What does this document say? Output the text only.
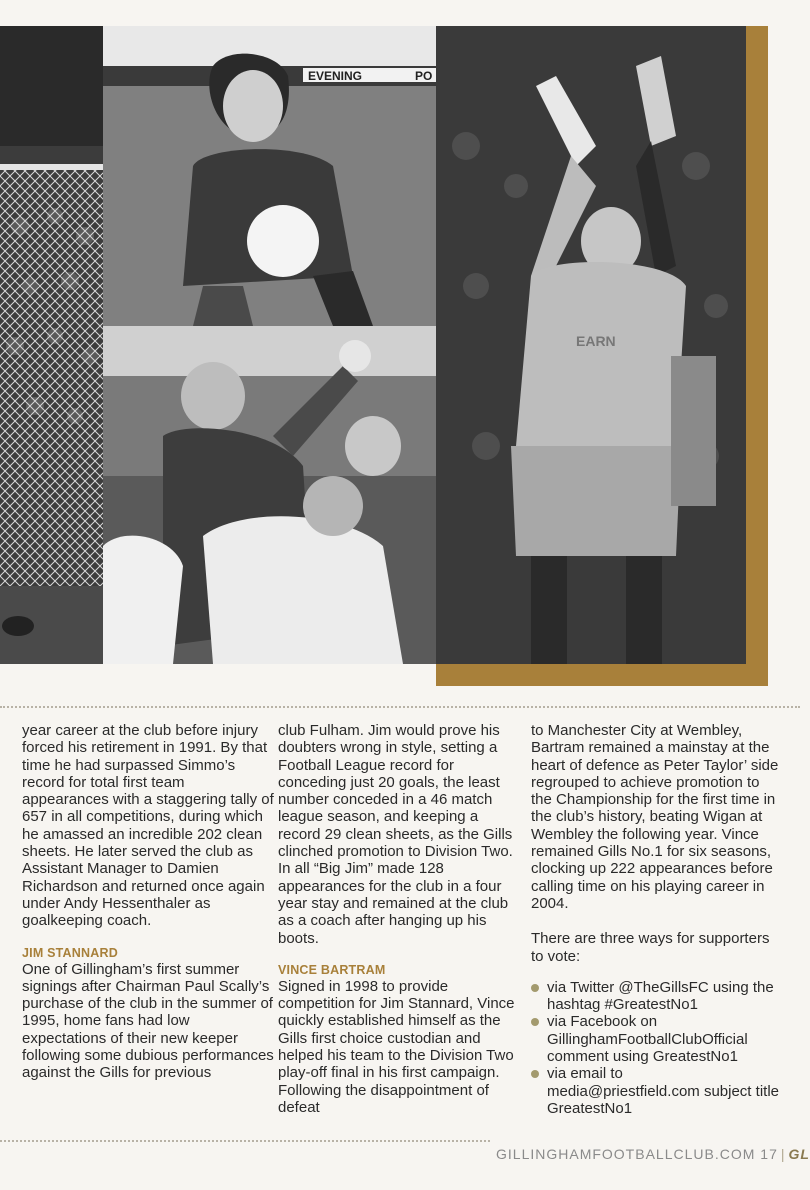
EVENING	PO
EARN

year career at the club before injury forced his retirement in 1991. By that time he had surpassed Simmo’s record for total first team appearances with a staggering tally of 657 in all competitions, during which he amassed an incredible 202 clean sheets. He later served the club as Assistant Manager to Damien Richardson and returned once again under Andy Hessenthaler as goalkeeping coach.

JIM STANNARD

One of Gillingham’s first summer signings after Chairman Paul Scally’s purchase of the club in the summer of 1995, home fans had low expectations of their new keeper following some dubious performances against the Gills for previous

club Fulham. Jim would prove his doubters wrong in style, setting a Football League record for conceding just 20 goals, the least number conceded in a 46 match league season, and keeping a record 29 clean sheets, as the Gills clinched promotion to Division Two. In all “Big Jim” made 128 appearances for the club in a four year stay and remained at the club as a coach after hanging up his boots.

VINCE BARTRAM

Signed in 1998 to provide competition for Jim Stannard, Vince quickly established himself as the Gills first choice custodian and helped his team to the Division Two play-off final in his first campaign. Following the disappointment of defeat

to Manchester City at Wembley, Bartram remained a mainstay at the heart of defence as Peter Taylor’ side regrouped to achieve promotion to the Championship for the first time in the club’s history, beating Wigan at Wembley the following year. Vince remained Gills No.1 for six seasons, clocking up 222 appearances before calling time on his playing career in 2004.

There are three ways for supporters to vote:

via Twitter @TheGillsFC using the hashtag #GreatestNo1
via Facebook on GillinghamFootballClubOfficial comment using GreatestNo1
via email to media@priestfield.com subject title GreatestNo1
GILLINGHAMFOOTBALLCLUB.COM 17 | GL
